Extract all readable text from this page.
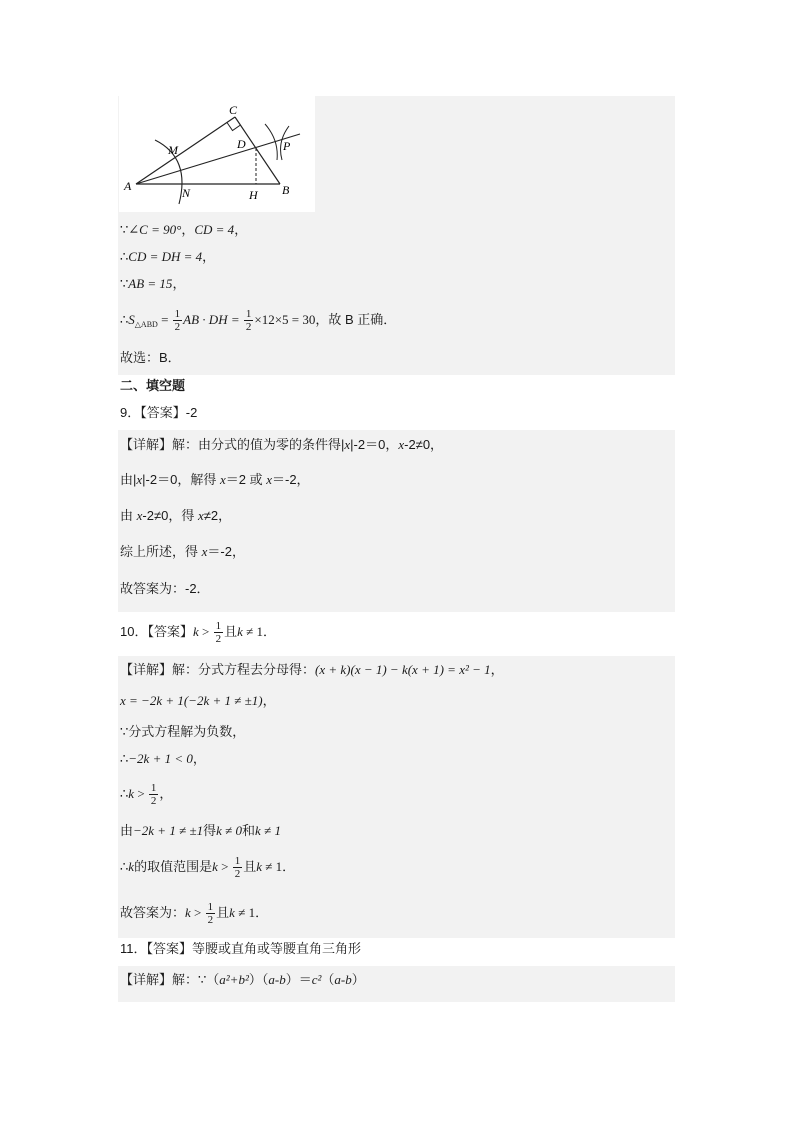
C
M	D	P
A	N	H B
∵∠C = 90°，CD = 4，
∴CD = DH = 4，
∵AB = 15，
$\therefore S_{\triangle ABD} = \frac{1}{2}$ AB · DH = $\frac{1}{2} \times 12\times 5 = 30$，故 B 正确．
故选：B．
二、填空题
9．【答案】-2
【详解】解：由分式的值为零的条件得|x|-2＝0，x-2≠0，
由|x|-2＝0，解得 x＝2 或 x＝-2，
由 x-2≠0，得 x≠2，
综上所述，得 x＝-2，
故答案为：-2．
10．【答案】$k > \frac{1}{2}$ 且k ≠ 1．
【详解】解：分式方程去分母得：(x + k)(x − 1) − k(x + 1) = x² − 1，
x = −2k + 1(−2k + 1 ≠ ±1)，
∵分式方程解为负数，
∴−2k + 1 < 0，
∴k > $\frac{1}{2}$ ，
由−2k + 1 ≠ ±1得k ≠ 0和k ≠ 1
∴k的取值范围是$k > \frac{1}{2}$ 且k ≠ 1．
故答案为：$k > \frac{1}{2}$ 且k ≠ 1．
11．【答案】等腰或直角或等腰直角三角形
【详解】解：∵（a²+b²）（a-b）＝c²（a-b）
